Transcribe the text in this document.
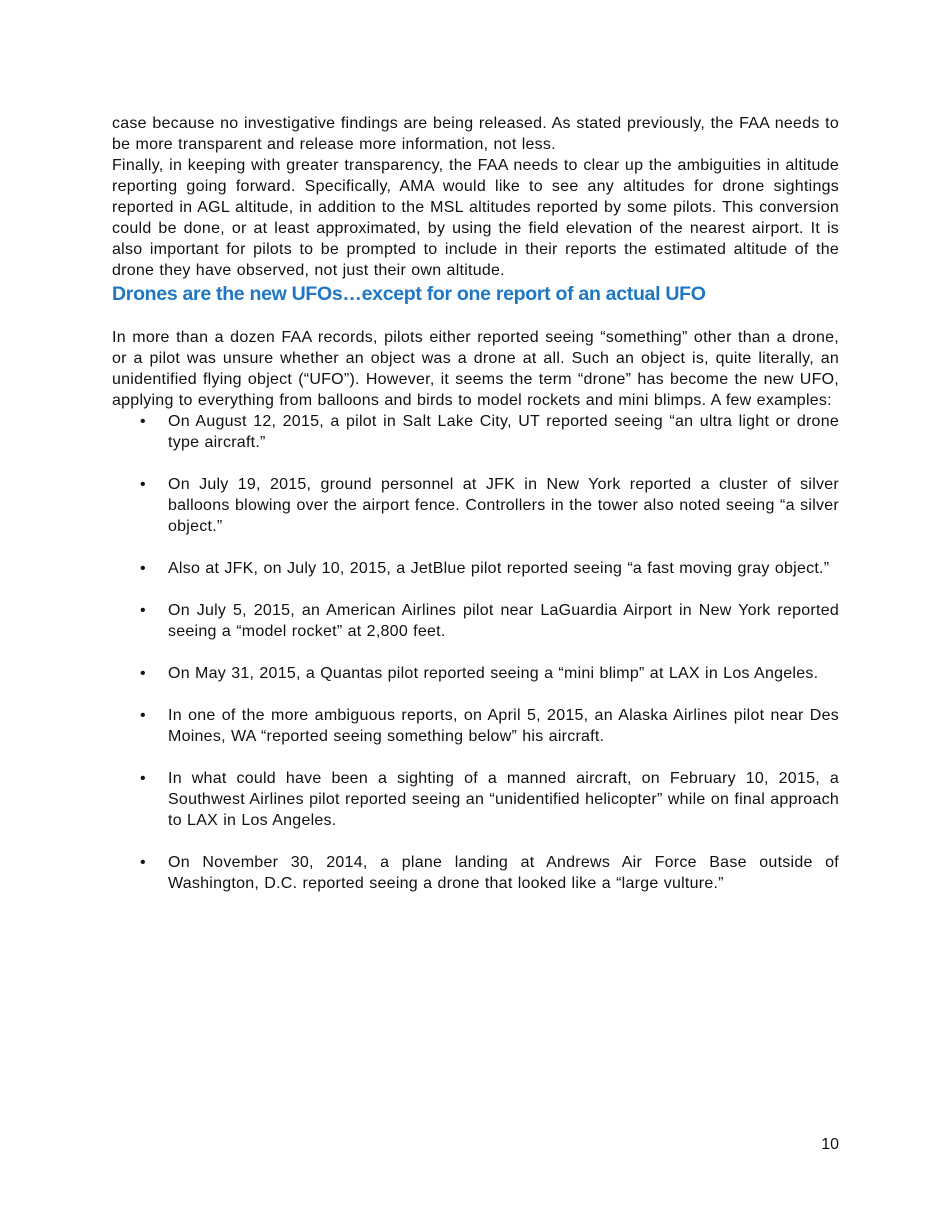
case because no investigative findings are being released. As stated previously, the FAA needs to be more transparent and release more information, not less.

Finally, in keeping with greater transparency, the FAA needs to clear up the ambiguities in altitude reporting going forward. Specifically, AMA would like to see any altitudes for drone sightings reported in AGL altitude, in addition to the MSL altitudes reported by some pilots. This conversion could be done, or at least approximated, by using the field elevation of the nearest airport. It is also important for pilots to be prompted to include in their reports the estimated altitude of the drone they have observed, not just their own altitude.

Drones are the new UFOs…except for one report of an actual UFO

In more than a dozen FAA records, pilots either reported seeing “something” other than a drone, or a pilot was unsure whether an object was a drone at all. Such an object is, quite literally, an unidentified flying object (“UFO”). However, it seems the term “drone” has become the new UFO, applying to everything from balloons and birds to model rockets and mini blimps. A few examples:

• On August 12, 2015, a pilot in Salt Lake City, UT reported seeing “an ultra light or drone type aircraft.”
• On July 19, 2015, ground personnel at JFK in New York reported a cluster of silver balloons blowing over the airport fence. Controllers in the tower also noted seeing “a silver object.”
• Also at JFK, on July 10, 2015, a JetBlue pilot reported seeing “a fast moving gray object.”
• On July 5, 2015, an American Airlines pilot near LaGuardia Airport in New York reported seeing a “model rocket” at 2,800 feet.
• On May 31, 2015, a Quantas pilot reported seeing a “mini blimp” at LAX in Los Angeles.
• In one of the more ambiguous reports, on April 5, 2015, an Alaska Airlines pilot near Des Moines, WA “reported seeing something below” his aircraft.
• In what could have been a sighting of a manned aircraft, on February 10, 2015, a Southwest Airlines pilot reported seeing an “unidentified helicopter” while on final approach to LAX in Los Angeles.
• On November 30, 2014, a plane landing at Andrews Air Force Base outside of Washington, D.C. reported seeing a drone that looked like a “large vulture.”
10
